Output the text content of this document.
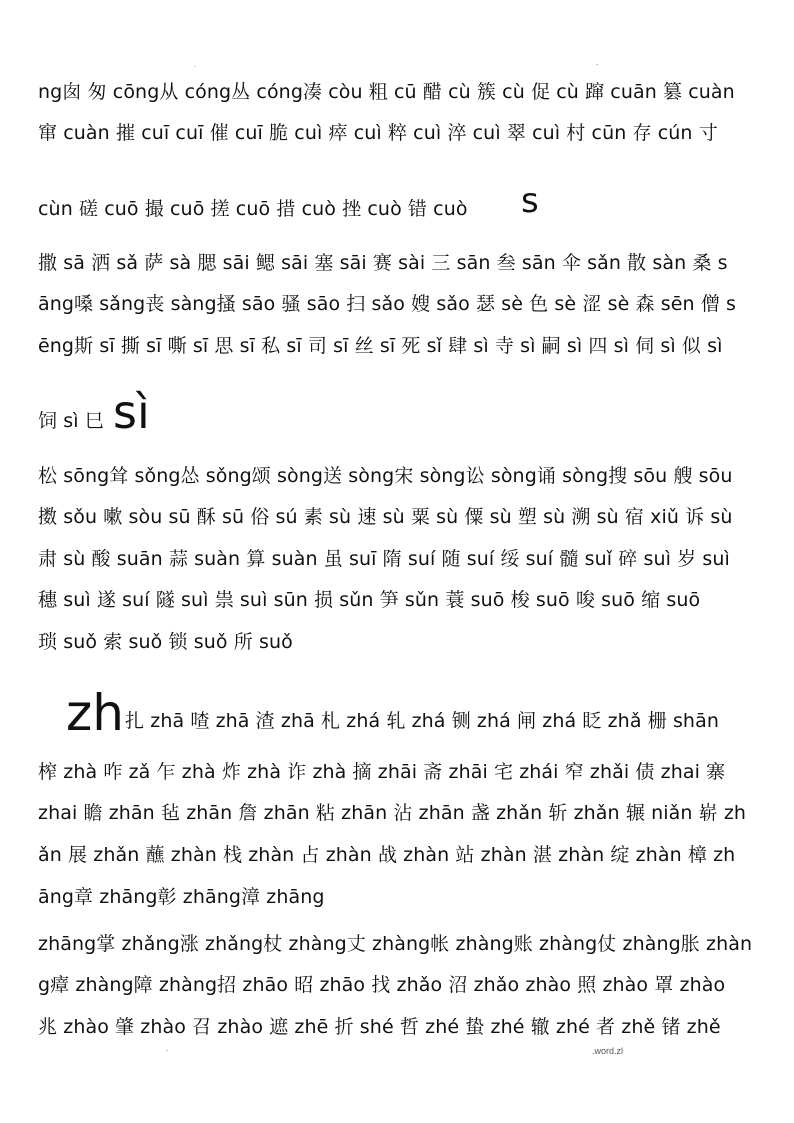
.	-
ng囱 匆 cōng从 cóng丛 cóng凑 còu 粗 cū 醋 cù 簇 cù 促 cù 蹿 cuān 篡 cuàn
窜 cuàn 摧 cuī cuī 催 cuī 脆 cuì 瘁 cuì 粹 cuì 淬 cuì 翠 cuì 村 cūn 存 cún 寸
cùn 磋 cuō 撮 cuō 搓 cuō 措 cuò 挫 cuò 错 cuò	s
撒 sā 洒 sǎ 萨 sà 腮 sāi 鳃 sāi 塞 sāi 赛 sài 三 sān 叁 sān 伞 sǎn 散 sàn 桑 s
āng嗓 sǎng丧 sàng搔 sāo 骚 sāo 扫 sǎo 嫂 sǎo 瑟 sè 色 sè 涩 sè 森 sēn 僧 s
ēng斯 sī 撕 sī 嘶 sī 思 sī 私 sī 司 sī 丝 sī 死 sǐ 肆 sì 寺 sì 嗣 sì 四 sì 伺 sì 似 sì
饲 sì 巳 sì
松 sōng耸 sǒng怂 sǒng颂 sòng送 sòng宋 sòng讼 sòng诵 sòng搜 sōu 艘 sōu
擞 sǒu 嗽 sòu sū 酥 sū 俗 sú 素 sù 速 sù 粟 sù 僳 sù 塑 sù 溯 sù 宿 xiǔ 诉 sù
肃 sù 酸 suān 蒜 suàn 算 suàn 虽 suī 隋 suí 随 suí 绥 suí 髓 suǐ 碎 suì 岁 suì
穗 suì 遂 suí 隧 suì 祟 suì sūn 损 sǔn 笋 sǔn 蓑 suō 梭 suō 唆 suō 缩 suō
琐 suǒ 索 suǒ 锁 suǒ 所 suǒ
zh 扎 zhā 喳 zhā 渣 zhā 札 zhá 轧 zhá 铡 zhá 闸 zhá 眨 zhǎ 栅 shān
榨 zhà 咋 zǎ 乍 zhà 炸 zhà 诈 zhà 摘 zhāi 斋 zhāi 宅 zhái 窄 zhǎi 债 zhai 寨
zhai 瞻 zhān 毡 zhān 詹 zhān 粘 zhān 沾 zhān 盏 zhǎn 斩 zhǎn 辗 niǎn 崭 zh
ǎn 展 zhǎn 蘸 zhàn 栈 zhàn 占 zhàn 战 zhàn 站 zhàn 湛 zhàn 绽 zhàn 樟 zh
āng章 zhāng彰 zhāng漳 zhāng
zhāng掌 zhǎng涨 zhǎng杖 zhàng丈 zhàng帐 zhàng账 zhàng仗 zhàng胀 zhàn
g瘴 zhàng障 zhàng招 zhāo 昭 zhāo 找 zhǎo 沼 zhǎo zhào 照 zhào 罩 zhào
兆 zhào 肇 zhào 召 zhào 遮 zhē 折 shé 哲 zhé 蛰 zhé 辙 zhé 者 zhě 锗 zhě
-	.word.zl
